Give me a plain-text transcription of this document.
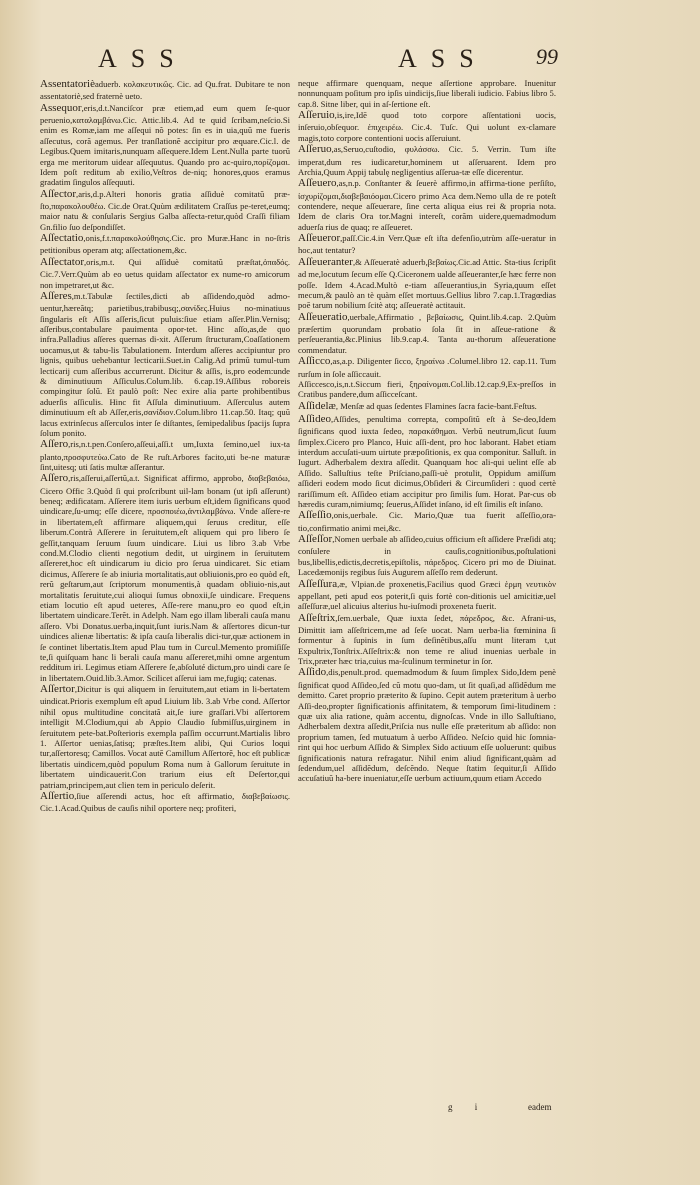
ASS	ASS 99
Assentatorièaduerb. κολακευτικῶς. Cic. ad Qu.frat. Dubitare te non assentatoriè,sed fraternè ueto.
Assequor,eris,d.t.Nanciſcor præ etiem,ad eum quem ſe-quor peruenio,καταλαμβάνω.Cic. Attic.lib.4. Ad te quid ſcribam,neſcio.Si enim es Romæ,iam me aſſequi nõ potes: ſin es in uia,quũ me fueris aſſecutus, corã agemus. Per tranſlationẽ accipitur pro æquare.Cic.l. de Legibus.Quem imitaris,nunquam aſſequere.Idem Lent.Nulla parte tuorũ erga me meritorum uidear aſſequutus. Quando pro ac-quiro,πορίζομαι. Idem poſt reditum ab exilio,Veſtros de-niq; honores,quos eramus gradatim ſingulos aſſequuti.
Aſſector,aris,d.p.Alteri honoris gratia aſſiduè comitatũ præ-ſto,παρακολουθέω. Cic.de Orat.Quùm ædilitatem Craſſus pe-teret,eumq; maior natu & conſularis Sergius Galba aſſecta-retur,quòd Craſſi filiam Gn.filio ſuo deſpondiſſet.
Aſſectatio,onis,f.t.παρακολούθησις.Cic. pro Muræ.Hanc in no-ſtris petitionibus operam atq; aſſectationem,&c.
Aſſectator,oris,m.t. Qui aſſiduè comitatũ præſtat,ὀπαδός. Cic.7.Verr.Quùm ab eo uetus quidam aſſectator ex nume-ro amicorum non impetraret,ut &c.
Aſſeres,m.t.Tabulæ ſectiles,dicti ab aſſidendo,quòd admo-uentur,hæreãtq; parietibus,trabibusq;,σανίδες.Huius no-minatiuus ſingularis eſt Aſſis aſſeris,ſicut puluis:ſiue etiam aſſer.Plin.Vernisq; aſſeribus,contabulare pauimenta opor-tet. Hinc aſſo,as,de quo infra.Palladius aſſeres quernas di-xit. Aſſerum ſtructuram,Coaſſationem uocamus,ut & tabu-lis Tabulationem. Interdum aſſeres accipiuntur pro lignis, quibus uehebantur lecticarii.Suet.in Calig.Ad primũ tumul-tum lecticarij cum aſſeribus accurrerunt. Dicitur & aſſis, is,pro eodem:unde & diminutiuum Aſſiculus.Colum.lib. 6.cap.19.Aſſibus roboreis compingitur ſolũ. Et paulò poſt: Nec exire alia parte prohibentibus aduerſis aſſiculis. Hinc fit Aſſula diminutiuum. Aſſerculus autem diminutiuum eſt ab Aſſer,eris,σανίδιον.Colum.libro 11.cap.50. Itaq; quũ lacus extrinſecus aſſerculos inter ſe diſtantes, ſemipedalibus ſpacijs ſupra ſolum ponito.
Aſſero,ris,n.t.pen.Conſero,aſſeui,aſſi.t um,Iuxta ſemino,uel iux-ta planto,προσφυτεύω.Cato de Re ruſt.Arbores facito,uti be-ne maturæ ſint,uitesq; uti ſatis multæ aſſerantur.
Aſſero,ris,aſſerui,aſſertũ,a.t. Significat affirmo, approbo, διαβεβαιόω, Cicero Offic 3.Quòd ſi qui proſcribunt uil-lam bonam (ut ipſi aſſerunt) beneq; ædificatam. Aſſerere item iuris uerbum eſt,idem ſignificans quod uindicare,ſu-umq; eſſe dicere, προσποιέω,ἀντιλαμβάνω. Vnde aſſere-re in libertatem,eſt affirmare aliquem,qui ſeruus creditur, eſſe liberum.Contrà Aſſerere in ſeruitutem,eſt aliquem qui pro libero ſe geſſit,tanquam ſeruum ſuum uindicare. Liui us libro 3.ab Vrbe cond.M.Clodio clienti negotium dedit, ut uirginem in ſeruitutem aſſereret,hoc eſt uindicarum iu dicio pro ſerua uindicaret. Sic etiam dicimus, Aſſerere ſe ab iniuria mortalitatis,aut obliuionis,pro eo quòd eſt, rerũ geſtarum,aut ſcriptorum monumentis,à quadam obliuio-nis,aut mortalitatis ſeruitute,cui alioqui ſumus obnoxii,ſe uindicare. Frequens etiam locutio eſt apud ueteres, Aſſe-rere manu,pro eo quod eſt,in libertatem uindicare.Terẽt. in Adelph. Nam ego illam liberali cauſa manu aſſero. Vbi Donatus.uerba,inquit,ſunt iuris.Nam & aſſertores dicun-tur uindices alienæ libertatis: & ipſa cauſa liberalis dici-tur,quæ actionem in ſe continet libertatis.Item apud Plau tum in Curcul.Memento promiſiſſe te,ſi quiſquam hanc li berali cauſa manu aſſereret,mihi omne argentum redditum iri. Legimus etiam Aſſerere ſe,abſoluté dictum,pro uindi care ſe in libertatem.Ouid.lib.3.Amor. Scilicet aſſerui iam me,fugiq; catenas.
Aſſertor,Dicitur is qui aliquem in ſeruitutem,aut etiam in li-bertatem uindicat.Prioris exemplum eſt apud Liuium lib. 3.ab Vrbe cond. Aſſertor nihil opus multitudine concitatã ait,ſe iure graſſari.Vbi aſſertorem intelligit M.Clodium,qui ab Appio Claudio ſubmiſſus,uirginem in ſeruitutem pete-bat.Poſterioris exempla paſſim occurrunt.Martialis libro 1. Aſſertor uenias,ſatisq; præſtes.Item alibi, Qui Curios loqui tur,aſſertoresq; Camillos. Vocat autē Camillum Aſſertorẽ, hoc eſt publicæ libertatis uindicem,quòd populum Roma num à Gallorum ſeruitute in libertatem uindicauerit.Con trarium eius eſt Deſertor,qui patriam,principem,aut clien tem in periculo deſerit.
Aſſertio,ſiue aſſerendi actus, hoc eſt affirmatio, διαβεβαίωσις. Cic.1.Acad.Quibus de cauſis nihil oportere neq; profiteri,
neque affirmare quenquam, neque aſſertione approbare. Inuenitur nonnunquam poſitum pro ipſis uindicijs,ſiue liberali iudicio. Fabius libro 5. cap.8. Sitne liber, qui in aſ-ſertione eſt.
Aſſeruio,is,ire,Idē quod toto corpore aſſentationi uocis, inſeruio,obſequor. ἐπιχειρέω. Cic.4. Tuſc. Qui uolunt ex-clamare magis,toto corpore contentioni uocis aſſeruiunt.
Aſſeruo,as,Seruo,cuſtodio, φυλάσσω. Cic. 5. Verrin. Tum iſte imperat,dum res iudicaretur,hominem ut aſſeruarent. Idem pro Archia,Quum Appij tabulę negligentius aſſerua-tæ eſſe dicerentur.
Aſſeuero,as,n.p. Conſtanter & ſeuerè affirmo,in affirma-tione perſiſto, ἰσχυρίζομαι,διαβεβαιόομαι.Cicero primo Aca dem.Nemo ulla de re poteſt contendere, neque aſſeuerare, ſine certa aliqua eius rei & propria nota. Idem de claris Ora tor.Magni intereſt, corãm uidere,quemadmodum aduerſa rius de quaq; re aſſeueret.
Aſſeueror,paſſ.Cic.4.in Verr.Quæ eſt iſta defenſio,utrùm aſſe-ueratur in hoc,aut tentatur?
Aſſeueranter,& Aſſeueratè aduerb,βεβαίως.Cic.ad Attic. Sta-tius ſcripſit ad me,locutum ſecum eſſe Q.Ciceronem ualde aſſeueranter,ſe hæc ferre non poſſe. Idem 4.Acad.Multò e-tiam aſſeuerantius,in Syria,quum eſſet mecum,& paulò an tè quàm eſſet mortuus.Gellius libro 7.cap.1.Tragœdias poē tarum nobilium ſcitè atq; aſſeueratè actitauit.
Aſſeueratio,uerbale,Affirmatio , βεβαίωσις, Quint.lib.4.cap. 2.Quùm præſertim quorundam probatio ſola ſit in aſſeue-ratione & perſeuerantia,&c.Plinius lib.9.cap.4. Tanta au-thorum aſſeueratione commendatur.
Aſſicco,as,a.p. Diligenter ſicco, ξηραίνω .Columel.libro 12. cap.11. Tum rurſum in ſole aſſiccauit.
Aſſiccesco,is,n.t.Siccum fieri, ξηραίνομαι.Col.lib.12.cap.9,Ex-preſſos in Cratibus pandere,dum aſſicceſcant.
Aſſidelæ, Menſæ ad quas ſedentes Flamines ſacra facie-bant.Feſtus.
Aſſideo,Aſſides, penultima correpta, compoſitũ eſt à Se-deo,Idem ſignificans quod iuxta ſedeo, παρακάθημαι. Verbũ neutrum,ſicut ſuum ſimplex.Cicero pro Planco, Huic aſſi-dent, pro hoc laborant. Habet etiam interdum accuſati-uum uirtute præpoſitionis, ex qua componitur. Salluſt. in Iugurt. Adherbalem dextra aſſedit. Quanquam hoc ali-qui uelint eſſe ab Aſſido. Salluſtius teſte Priſciano,paſſi-uè protulit, Oppidum amiſſum aſſideri eodem modo ſicut dicimus,Obſideri & Circumſideri : quod certè rariſſimum eſt. Aſſideo etiam accipitur pro ſimilis ſum. Horat. Par-cus ob hæredis curam,nimiumq; ſeuerus,Aſſidet inſano, id eſt ſimilis eſt inſano.
Aſſeſſio,onis,uerbale. Cic. Mario,Quæ tua fuerit aſſeſſio,ora-tio,confirmatio animi mei,&c.
Aſſeſſor,Nomen uerbale ab aſſideo,cuius officium eſt aſſidere Præſidi atq; conſulere in cauſis,cognitionibus,poſtulationi bus,libellis,edictis,decretis,epiſtolis, πάρεδρος. Cicero pri mo de Diuinat. Lacedæmonijs regibus ſuis Augurem aſſeſſo rem dederunt.
Aſſeſſura,æ, Vlpian.de proxenetis,Facilius quod Græci ἑρμη νευτικὸν appellant, peti apud eos poterit,ſi quis fortè con-ditionis uel amicitiæ,uel aſſeſſuræ,uel alicuius alterius hu-iuſmodi proxeneta fuerit.
Aſſeſtrix,ſem.uerbale, Quæ iuxta ſedet, πάρεδρος, &c. Afrani-us, Dimittit iam aſſeſtricem,me ad ſeſe uocat. Nam uerba-lia fœminina ſi formentur à ſupinis in ſum deſinẽtibus,aſſu munt literam t,ut Expultrix,Tonſtrix.Aſſeſtrix:& non teme re aliud inuenias uerbale in Trix,præter hæc tria,cuius ma-ſculinum terminetur in ſor.
Aſſido,dis,penult.prod. quemadmodum & ſuum ſimplex Sido,Idem penè ſignificat quod Aſſideo,ſed cũ motu quo-dam, ut ſit quaſi,ad aſſidẽdum me demitto. Caret proprio præterito & ſupino. Cepit autem præteritum à uerbo Aſſi-deo,propter ſignificationis affinitatem, & temporum ſimi-litudinem : quæ uix alia ratione, quàm accentu, dignoſcas. Vnde in illo Salluſtiano, Adherbalem dextra aſſedit,Priſcia nus nulle eſſe præteritum ab aſſido: non proprium tamen, ſed mutuatum à uerbo Aſſideo. Neſcio quid hic ſomnia-rint qui hoc uerbum Aſſido & Simplex Sido actiuum eſſe uoluerunt: quibus ſignificationis natura refragatur. Nihil enim aliud ſignificant,quàm ad ſedendum,uel aſſidẽdum, deſcẽndo. Neque ſtatim ſequitur,ſi Aſſido accuſatiuũ ha-bere inueniatur,eſſe uerbum actiuum,quum etiam Accedo
g i	eadem
